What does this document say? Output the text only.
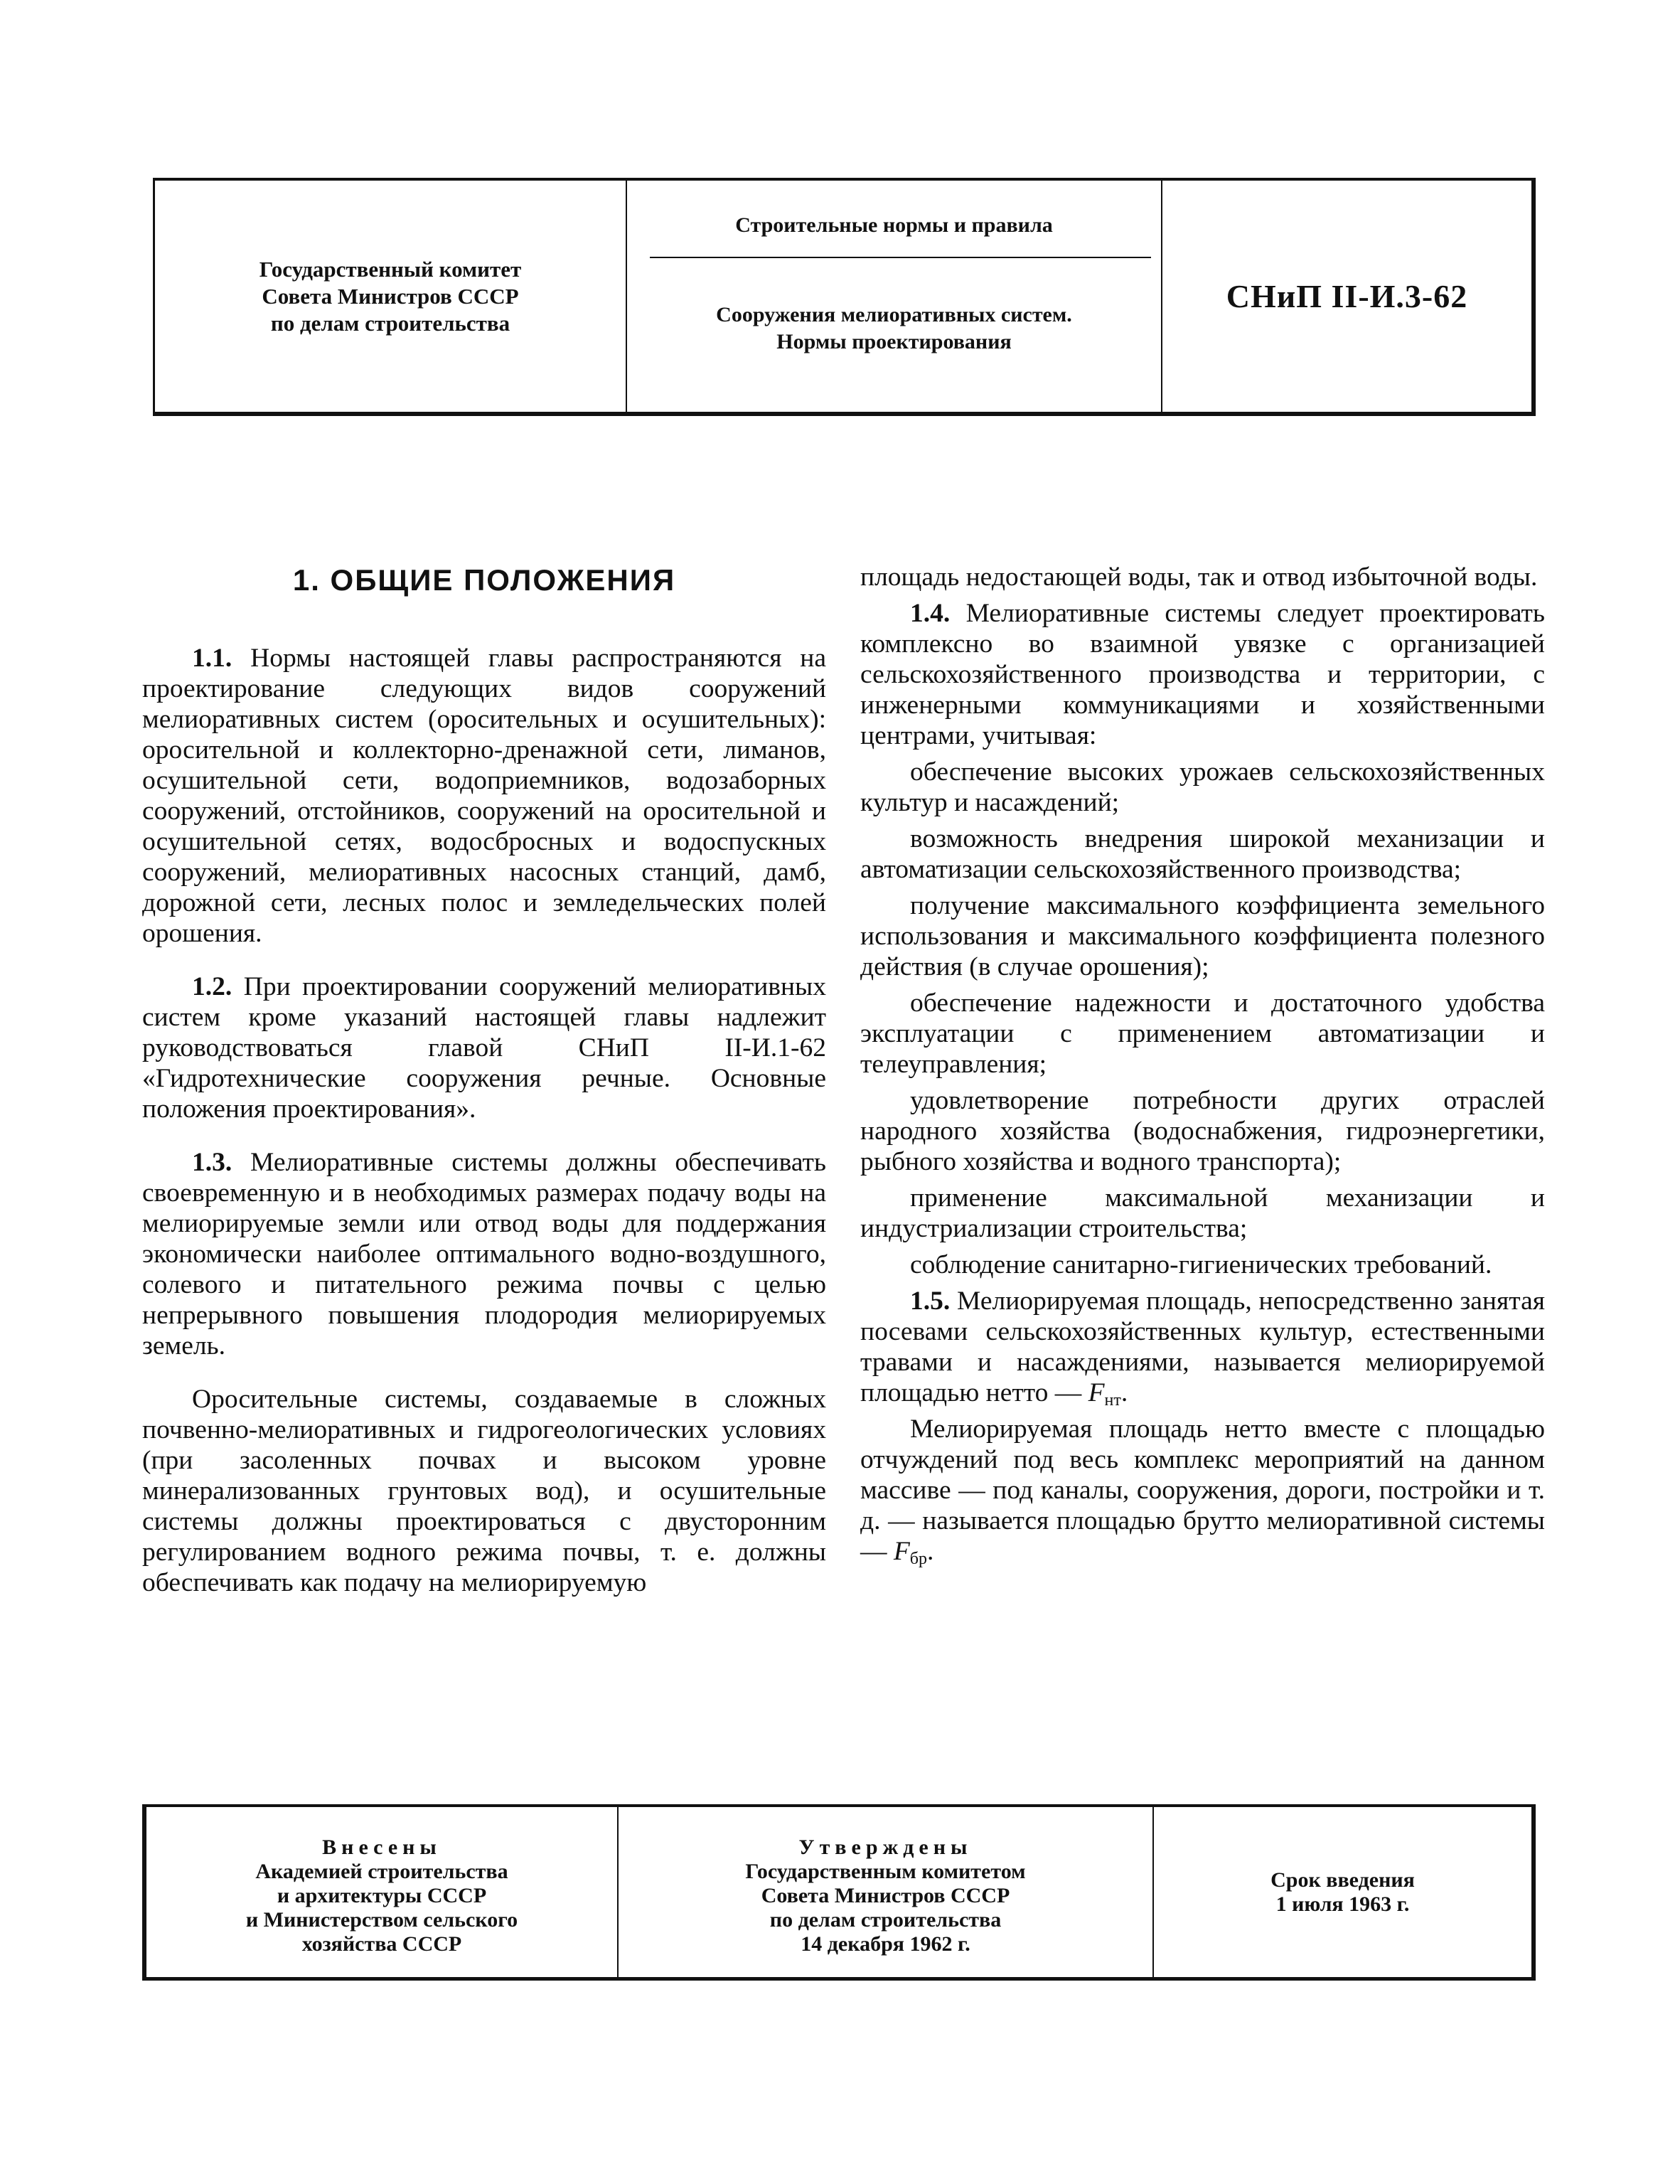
Государственный комитет
Совета Министров СССР
по делам строительства
Строительные нормы и правила
Сооружения мелиоративных систем.
Нормы проектирования
СНиП II-И.3-62
1. ОБЩИЕ ПОЛОЖЕНИЯ

1.1. Нормы настоящей главы распространяются на проектирование следующих видов сооружений мелиоративных систем (оросительных и осушительных): оросительной и коллекторно-дренажной сети, лиманов, осушительной сети, водоприемников, водозаборных сооружений, отстойников, сооружений на оросительной и осушительной сетях, водосбросных и водоспускных сооружений, мелиоративных насосных станций, дамб, дорожной сети, лесных полос и земледельческих полей орошения.

1.2. При проектировании сооружений мелиоративных систем кроме указаний настоящей главы надлежит руководствоваться главой СНиП II-И.1-62 «Гидротехнические сооружения речные. Основные положения проектирования».

1.3. Мелиоративные системы должны обеспечивать своевременную и в необходимых размерах подачу воды на мелиорируемые земли или отвод воды для поддержания экономически наиболее оптимального водно-воздушного, солевого и питательного режима почвы с целью непрерывного повышения плодородия мелиорируемых земель.

Оросительные системы, создаваемые в сложных почвенно-мелиоративных и гидрогеологических условиях (при засоленных почвах и высоком уровне минерализованных грунтовых вод), и осушительные системы должны проектироваться с двусторонним регулированием водного режима почвы, т. е. должны обеспечивать как подачу на мелиорируемую

площадь недостающей воды, так и отвод избыточной воды.

1.4. Мелиоративные системы следует проектировать комплексно во взаимной увязке с организацией сельскохозяйственного производства и территории, с инженерными коммуникациями и хозяйственными центрами, учитывая:

обеспечение высоких урожаев сельскохозяйственных культур и насаждений;

возможность внедрения широкой механизации и автоматизации сельскохозяйственного производства;

получение максимального коэффициента земельного использования и максимального коэффициента полезного действия (в случае орошения);

обеспечение надежности и достаточного удобства эксплуатации с применением автоматизации и телеуправления;

удовлетворение потребности других отраслей народного хозяйства (водоснабжения, гидроэнергетики, рыбного хозяйства и водного транспорта);

применение максимальной механизации и индустриализации строительства;

соблюдение санитарно-гигиенических требований.

1.5. Мелиорируемая площадь, непосредственно занятая посевами сельскохозяйственных культур, естественными травами и насаждениями, называется мелиорируемой площадью нетто — $F_{нт}$.

Мелиорируемая площадь нетто вместе с площадью отчуждений под весь комплекс мероприятий на данном массиве — под каналы, сооружения, дороги, постройки и т. д. — называется площадью брутто мелиоративной системы — $F_{бр}$.

Внесены
Академией строительства
и архитектуры СССР
и Министерством сельского
хозяйства СССР
Утверждены
Государственным комитетом
Совета Министров СССР
по делам строительства
14 декабря 1962 г.
Срок введения
1 июля 1963 г.
